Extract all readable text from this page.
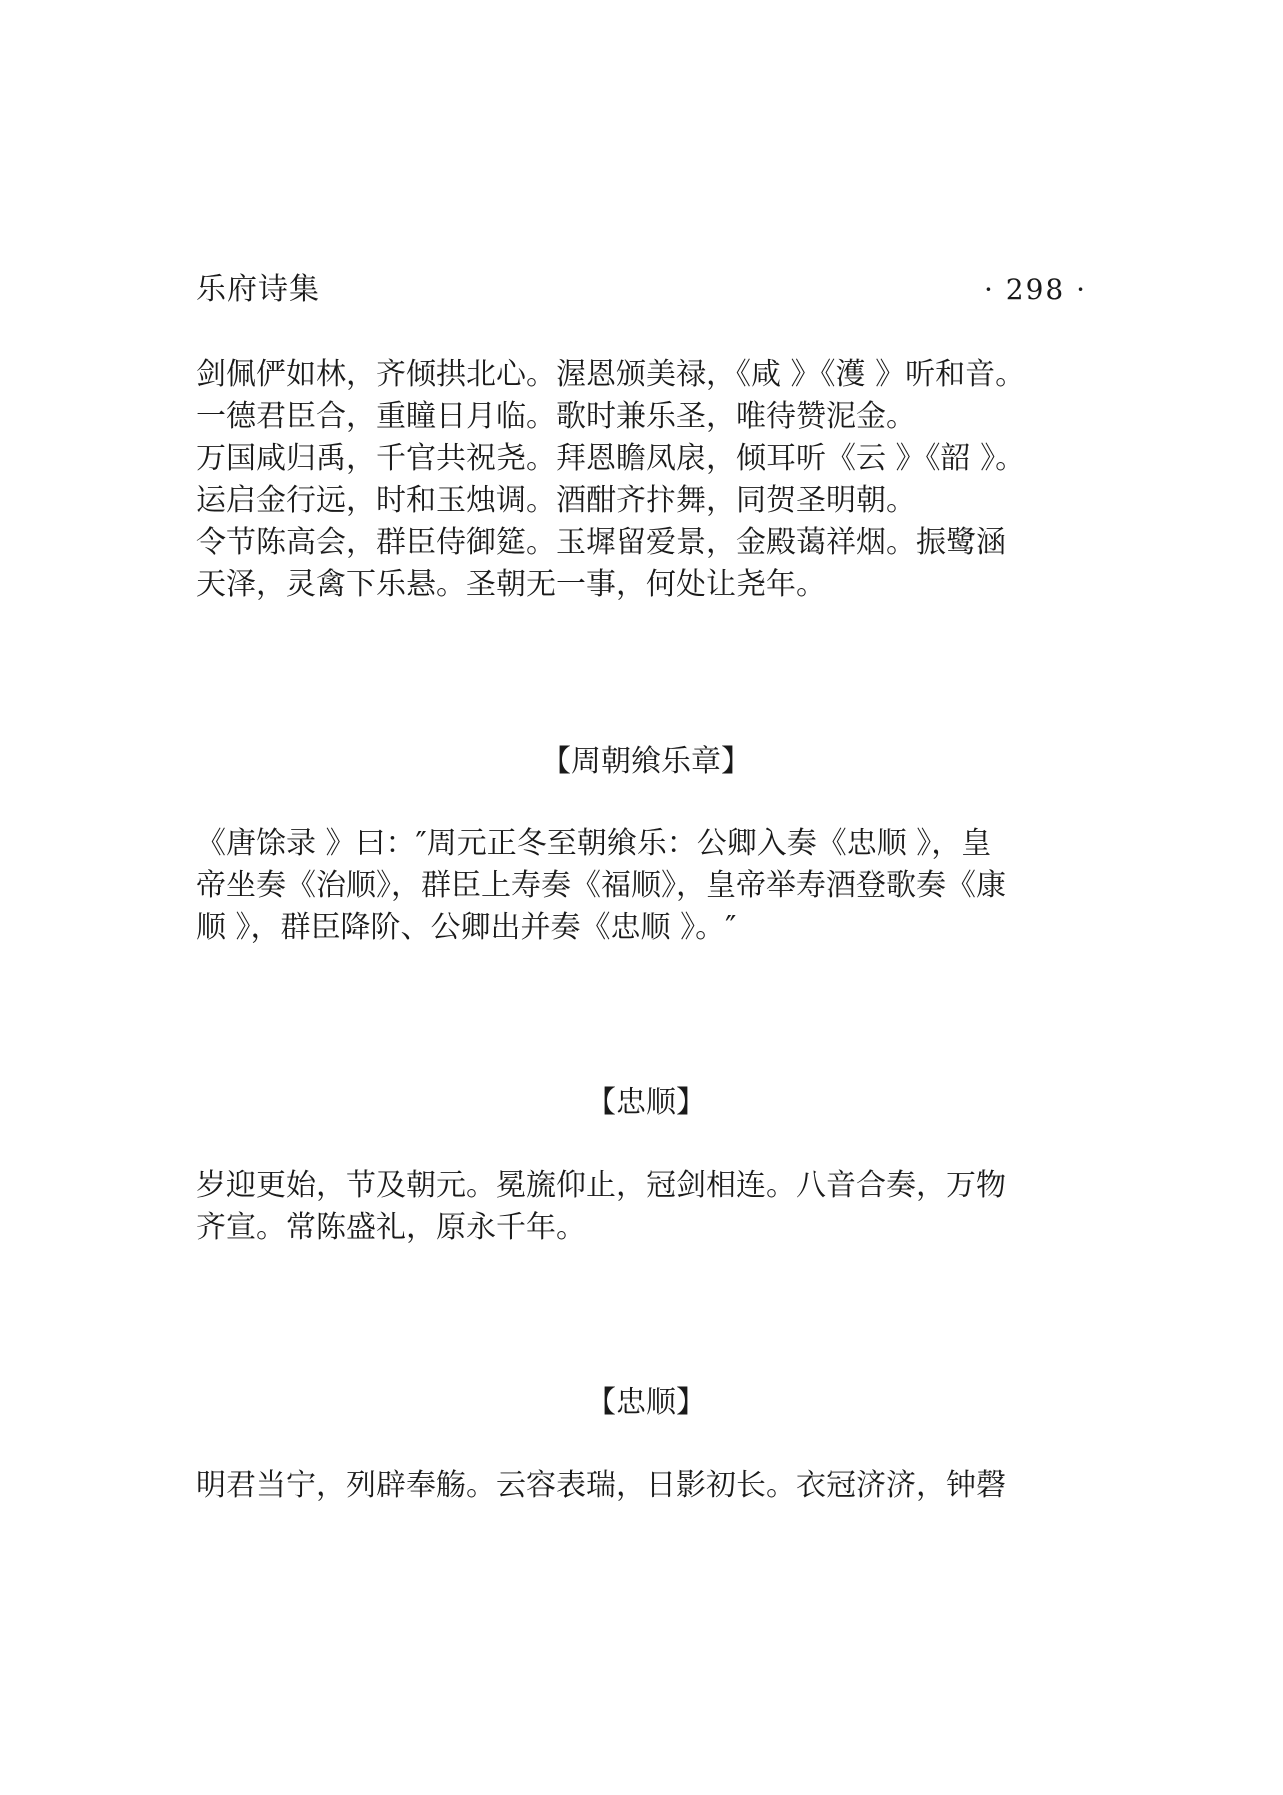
乐府诗集	· 298 ·
剑佩俨如林，齐倾拱北心。渥恩颁美禄，《咸 》《濩 》听和音。
一德君臣合，重瞳日月临。歌时兼乐圣，唯待赞泥金。
万国咸归禹，千官共祝尧。拜恩瞻凤扆，倾耳听《云 》《韶 》。
运启金行远，时和玉烛调。酒酣齐抃舞，同贺圣明朝。
令节陈高会，群臣侍御筵。玉墀留爱景，金殿蔼祥烟。振鹭涵
天泽，灵禽下乐悬。圣朝无一事，何处让尧年。
【周朝飨乐章】
《唐馀录 》曰：″周元正冬至朝飨乐：公卿入奏《忠顺 》，皇
帝坐奏《治顺》，群臣上寿奏《福顺》，皇帝举寿酒登歌奏《康
顺 》，群臣降阶、公卿出并奏《忠顺 》。″
【忠顺】
岁迎更始，节及朝元。冕旒仰止，冠剑相连。八音合奏，万物
齐宣。常陈盛礼，原永千年。
【忠顺】
明君当宁，列辟奉觞。云容表瑞，日影初长。衣冠济济，钟磬
